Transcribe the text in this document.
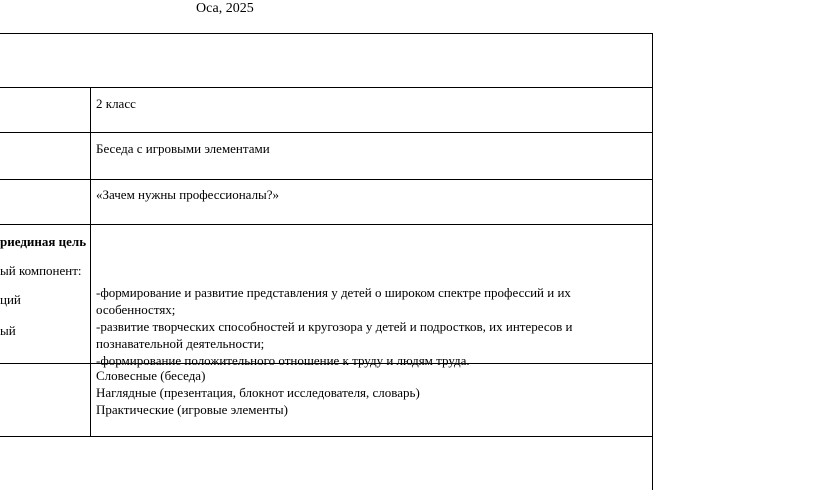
Оса, 2025
2 класс
Беседа с игровыми элементами
«Зачем нужны профессионалы?»
риединая цель
ый компонент:
ций
ый
-формирование и развитие представления у детей о широком спектре профессий и их
особенностях;
-развитие творческих способностей и кругозора у детей и подростков, их интересов и
познавательной деятельности;
-формирование положительного отношение к труду и людям труда.
Словесные (беседа)
Наглядные (презентация, блокнот исследователя, словарь)
Практические (игровые элементы)
